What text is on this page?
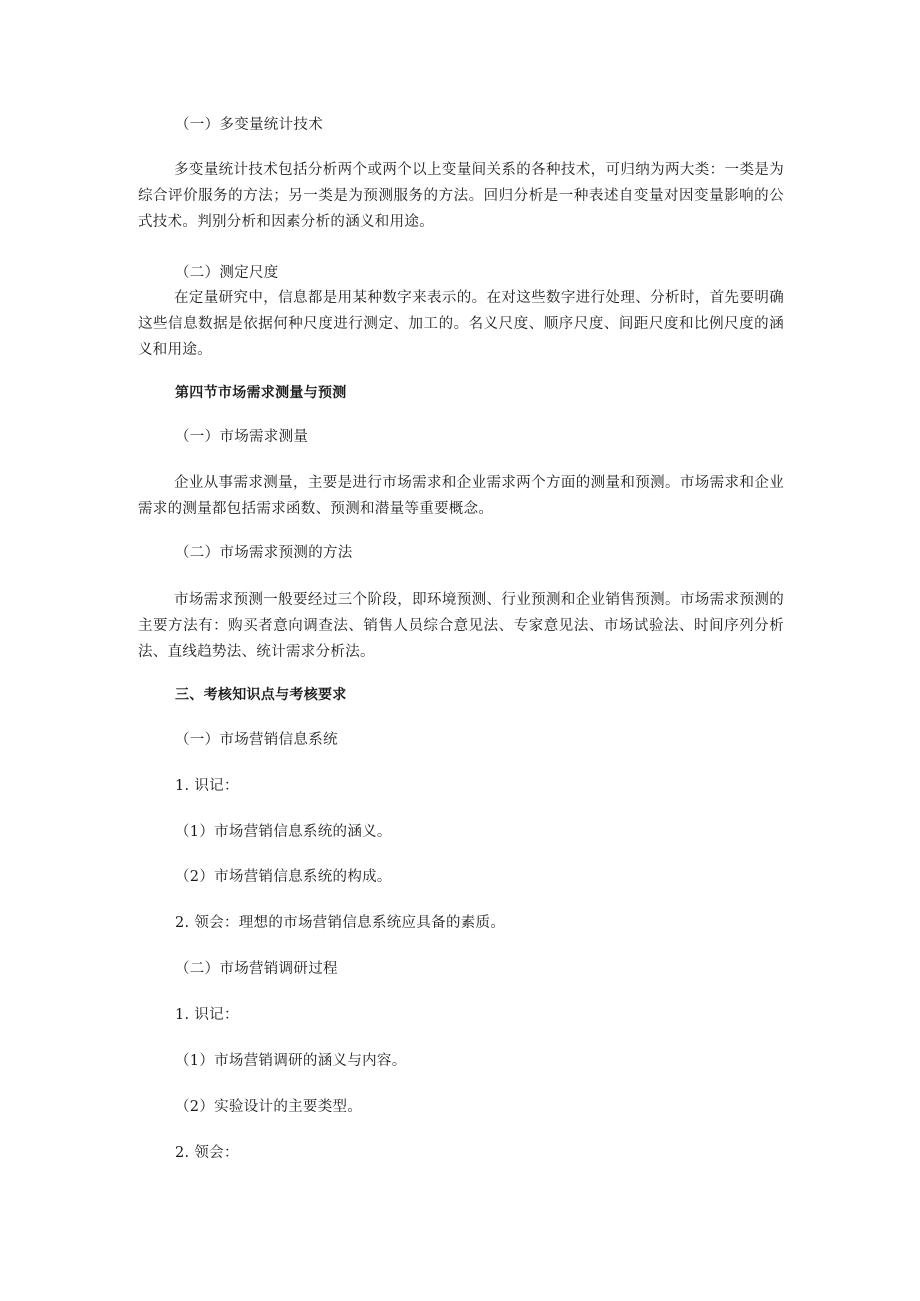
（一）多变量统计技术
多变量统计技术包括分析两个或两个以上变量间关系的各种技术，可归纳为两大类：一类是为综合评价服务的方法；另一类是为预测服务的方法。回归分析是一种表述自变量对因变量影响的公式技术。判别分析和因素分析的涵义和用途。
（二）测定尺度
在定量研究中，信息都是用某种数字来表示的。在对这些数字进行处理、分析时，首先要明确这些信息数据是依据何种尺度进行测定、加工的。名义尺度、顺序尺度、间距尺度和比例尺度的涵义和用途。
第四节市场需求测量与预测
（一）市场需求测量
企业从事需求测量，主要是进行市场需求和企业需求两个方面的测量和预测。市场需求和企业需求的测量都包括需求函数、预测和潜量等重要概念。
（二）市场需求预测的方法
市场需求预测一般要经过三个阶段，即环境预测、行业预测和企业销售预测。市场需求预测的主要方法有：购买者意向调查法、销售人员综合意见法、专家意见法、市场试验法、时间序列分析法、直线趋势法、统计需求分析法。
三、考核知识点与考核要求
（一）市场营销信息系统
1. 识记：
（1）市场营销信息系统的涵义。
（2）市场营销信息系统的构成。
2. 领会：理想的市场营销信息系统应具备的素质。
（二）市场营销调研过程
1. 识记：
（1）市场营销调研的涵义与内容。
（2）实验设计的主要类型。
2. 领会：
